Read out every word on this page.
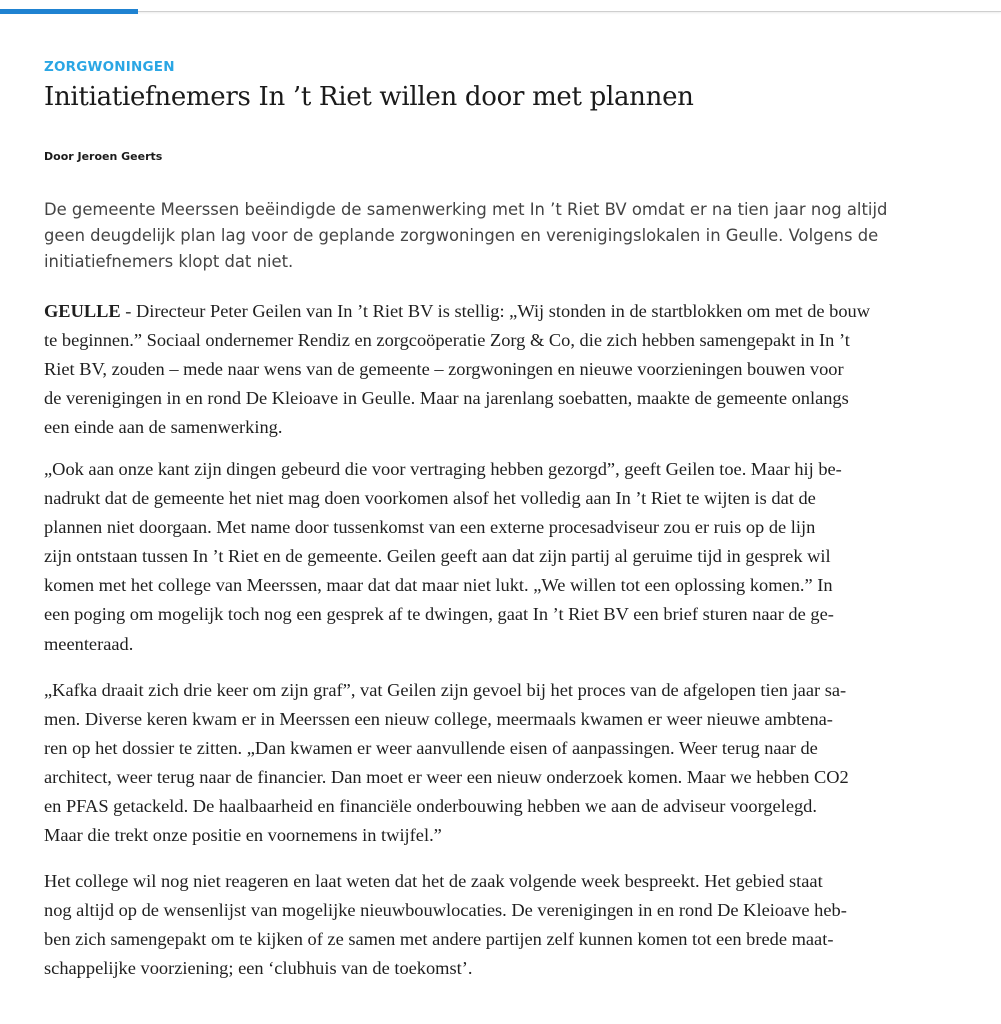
ZORGWONINGEN
Initiatiefnemers In ’t Riet willen door met plannen
Door Jeroen Geerts

De gemeente Meerssen beëindigde de samenwerking met In ’t Riet BV omdat er na tien jaar nog altijd
geen deugdelijk plan lag voor de geplande zorgwoningen en verenigingslokalen in Geulle. Volgens de
initiatiefnemers klopt dat niet.

GEULLE - Directeur Peter Geilen van In ’t Riet BV is stellig: „Wij stonden in de startblokken om met de bouw
te beginnen.” Sociaal ondernemer Rendiz en zorgcoöperatie Zorg & Co, die zich hebben samengepakt in In ’t
Riet BV, zouden – mede naar wens van de gemeente – zorgwoningen en nieuwe voorzieningen bouwen voor
de verenigingen in en rond De Kleioave in Geulle. Maar na jarenlang soebatten, maakte de gemeente onlangs
een einde aan de samenwerking.

„Ook aan onze kant zijn dingen gebeurd die voor vertraging hebben gezorgd”, geeft Geilen toe. Maar hij be-
nadrukt dat de gemeente het niet mag doen voorkomen alsof het volledig aan In ’t Riet te wijten is dat de
plannen niet doorgaan. Met name door tussenkomst van een externe procesadviseur zou er ruis op de lijn
zijn ontstaan tussen In ’t Riet en de gemeente. Geilen geeft aan dat zijn partij al geruime tijd in gesprek wil
komen met het college van Meerssen, maar dat dat maar niet lukt. „We willen tot een oplossing komen.” In
een poging om mogelijk toch nog een gesprek af te dwingen, gaat In ’t Riet BV een brief sturen naar de ge-
meenteraad.

„Kafka draait zich drie keer om zijn graf”, vat Geilen zijn gevoel bij het proces van de afgelopen tien jaar sa-
men. Diverse keren kwam er in Meerssen een nieuw college, meermaals kwamen er weer nieuwe ambtena-
ren op het dossier te zitten. „Dan kwamen er weer aanvullende eisen of aanpassingen. Weer terug naar de
architect, weer terug naar de financier. Dan moet er weer een nieuw onderzoek komen. Maar we hebben CO2
en PFAS getackeld. De haalbaarheid en financiële onderbouwing hebben we aan de adviseur voorgelegd.
Maar die trekt onze positie en voornemens in twijfel.”

Het college wil nog niet reageren en laat weten dat het de zaak volgende week bespreekt. Het gebied staat
nog altijd op de wensenlijst van mogelijke nieuwbouwlocaties. De verenigingen in en rond De Kleioave heb-
ben zich samengepakt om te kijken of ze samen met andere partijen zelf kunnen komen tot een brede maat-
schappelijke voorziening; een ‘clubhuis van de toekomst’.
